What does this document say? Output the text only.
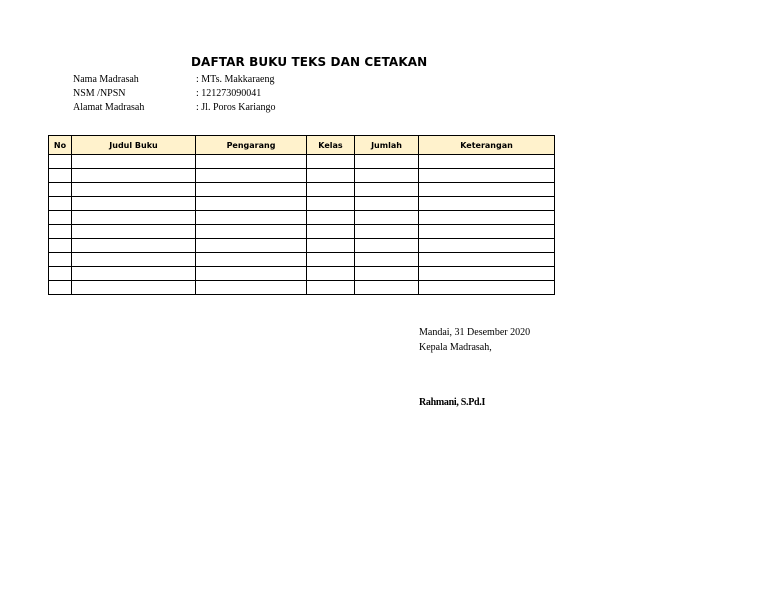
DAFTAR BUKU TEKS DAN CETAKAN
Nama Madrasah	: MTs. Makkaraeng
NSM /NPSN	: 121273090041
Alamat Madrasah	: Jl. Poros Kariango
No	Judul Buku	Pengarang	Kelas	Jumlah	Keterangan

Mandai, 31 Desember 2020
Kepala Madrasah,
Rahmani, S.Pd.I
